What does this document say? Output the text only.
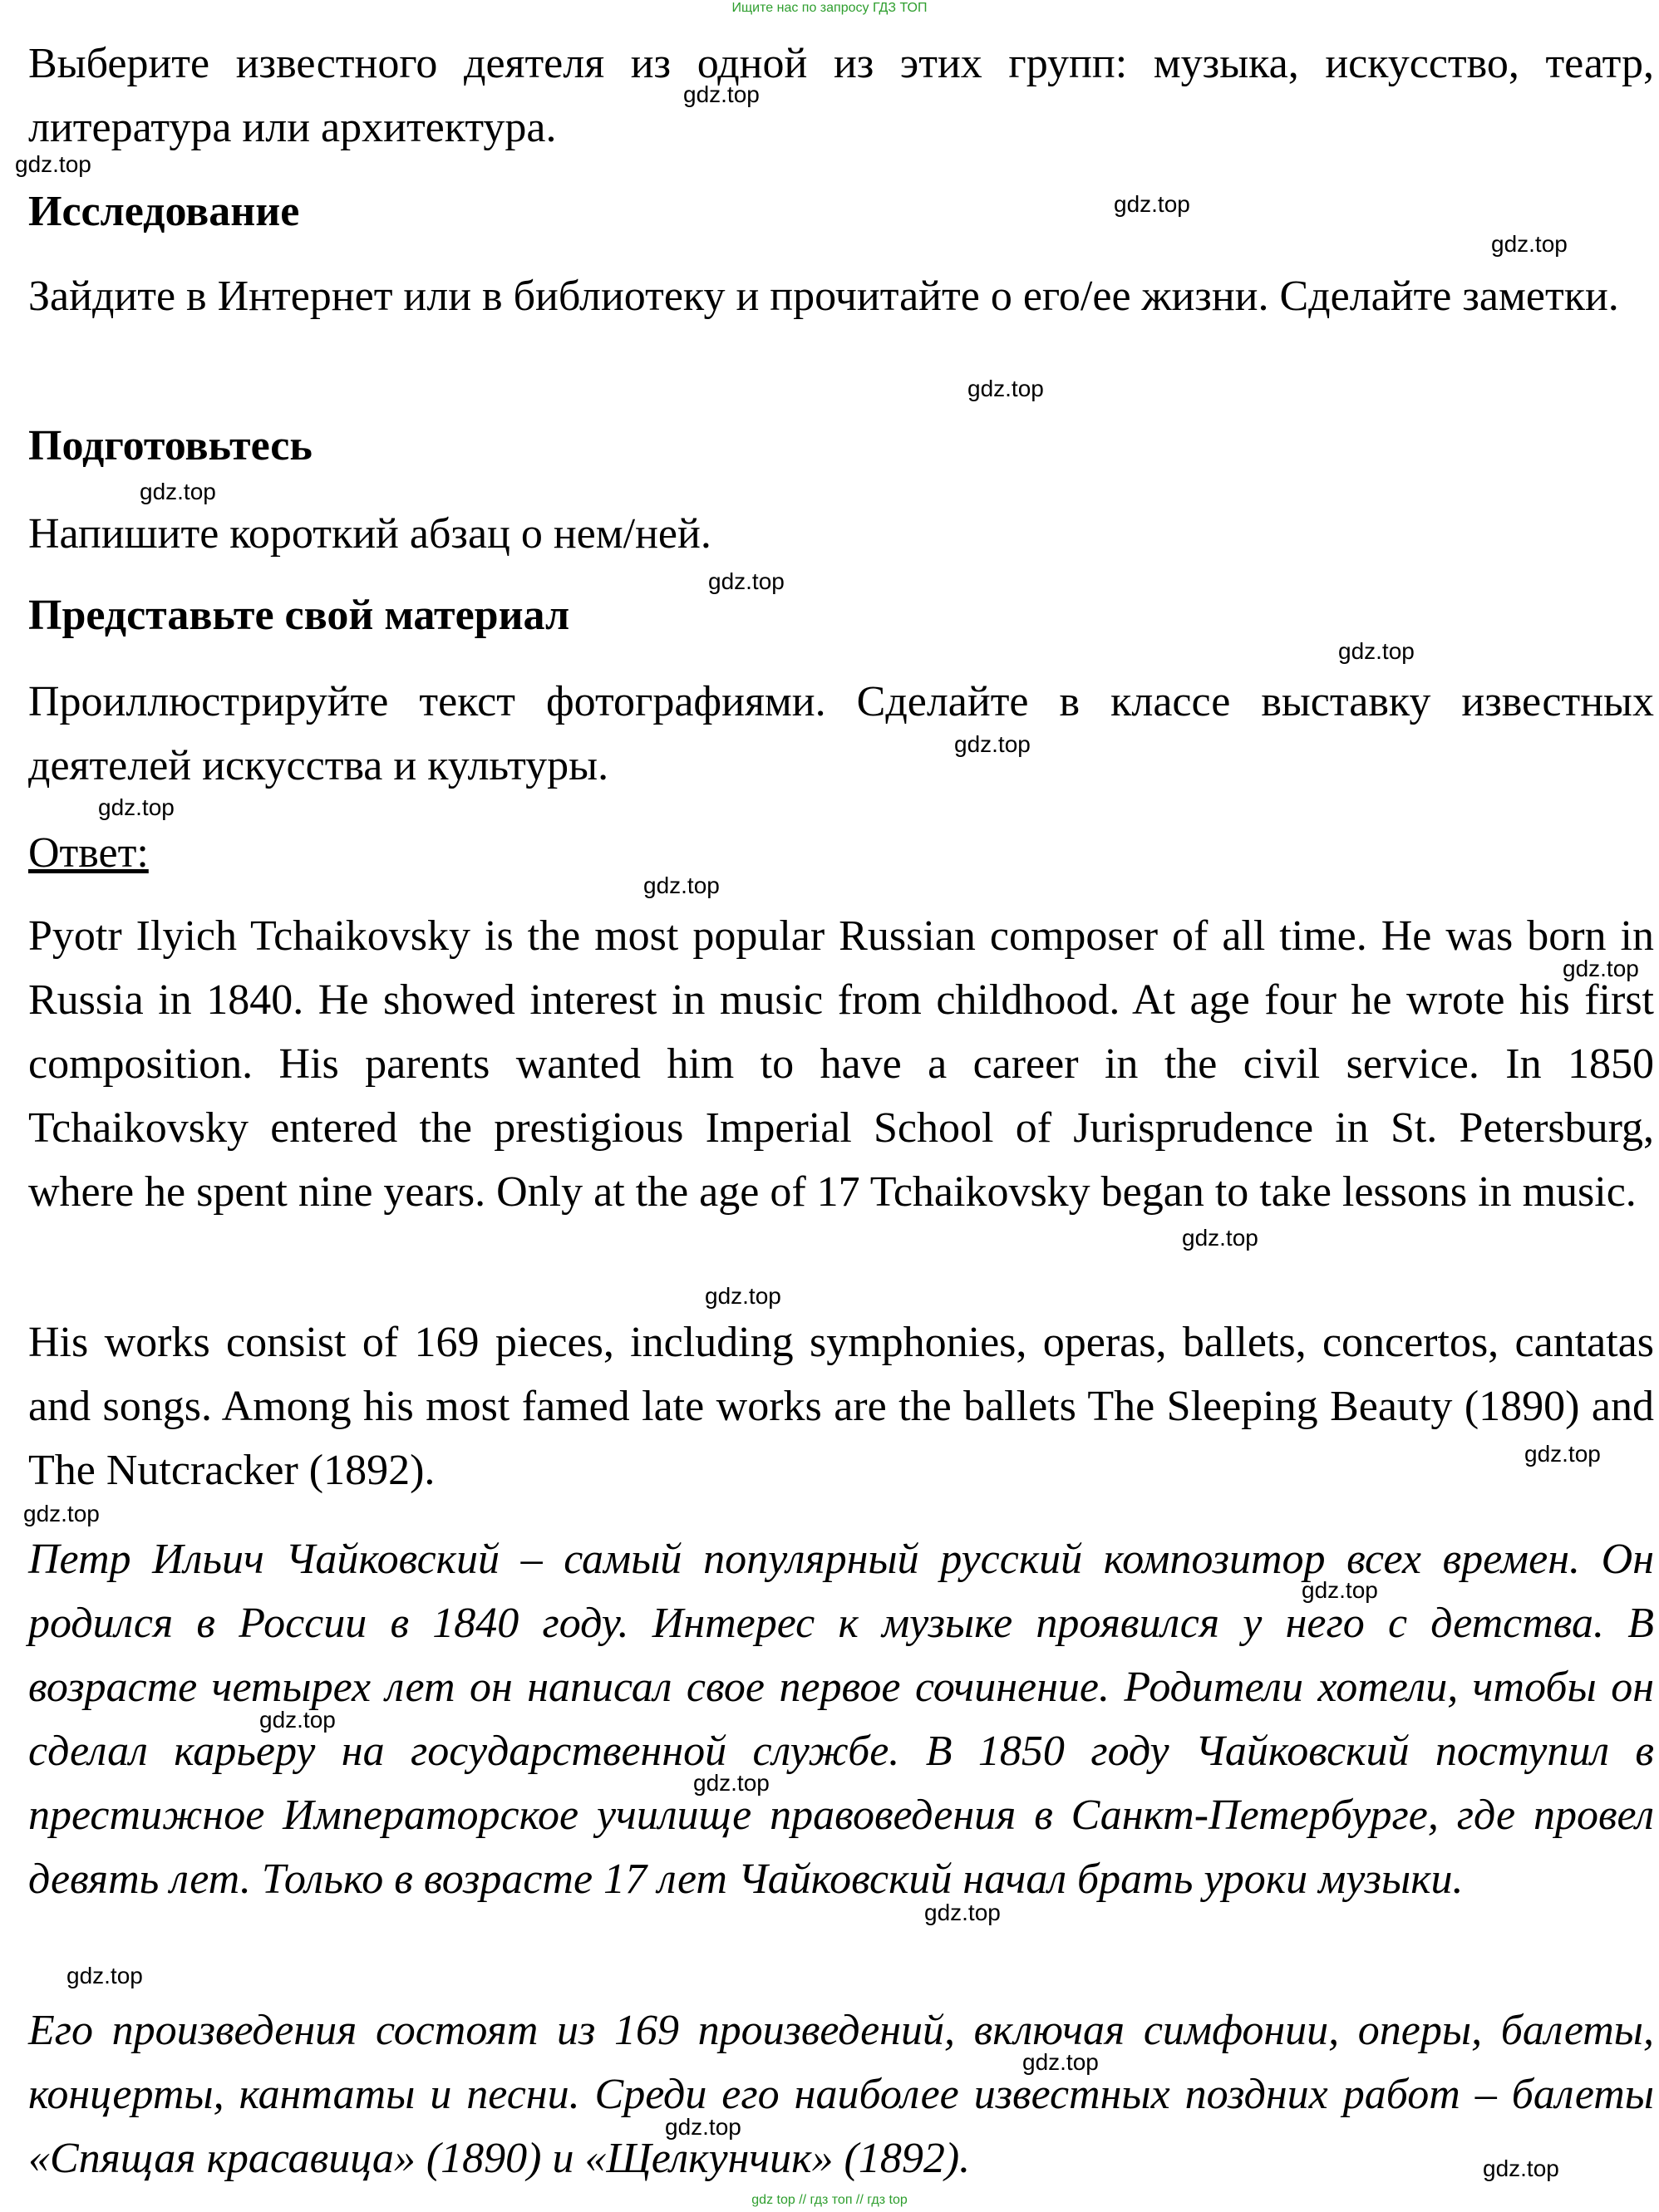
Ищите нас по запросу ГДЗ ТОП
Выберите известного деятеля из одной из этих групп: музыка, искусство, театр, литература или архитектура.
Исследование
Зайдите в Интернет или в библиотеку и прочитайте о его/ее жизни. Сделайте заметки.
Подготовьтесь
Напишите короткий абзац о нем/ней.
Представьте свой материал
Проиллюстрируйте текст фотографиями. Сделайте в классе выставку известных деятелей искусства и культуры.
Ответ:
Pyotr Ilyich Tchaikovsky is the most popular Russian composer of all time. He was born in Russia in 1840. He showed interest in music from childhood. At age four he wrote his first composition. His parents wanted him to have a career in the civil service. In 1850 Tchaikovsky entered the prestigious Imperial School of Jurisprudence in St. Petersburg, where he spent nine years. Only at the age of 17 Tchaikovsky began to take lessons in music.
His works consist of 169 pieces, including symphonies, operas, ballets, concertos, cantatas and songs. Among his most famed late works are the ballets The Sleeping Beauty (1890) and The Nutcracker (1892).
Петр Ильич Чайковский – самый популярный русский композитор всех времен. Он родился в России в 1840 году. Интерес к музыке проявился у него с детства. В возрасте четырех лет он написал свое первое сочинение. Родители хотели, чтобы он сделал карьеру на государственной службе. В 1850 году Чайковский поступил в престижное Императорское училище правоведения в Санкт-Петербурге, где провел девять лет. Только в возрасте 17 лет Чайковский начал брать уроки музыки.
Его произведения состоят из 169 произведений, включая симфонии, оперы, балеты, концерты, кантаты и песни. Среди его наиболее известных поздних работ – балеты «Спящая красавица» (1890) и «Щелкунчик» (1892).
gdz.top
gdz.top
gdz.top
gdz.top
gdz.top
gdz.top
gdz.top
gdz.top
gdz.top
gdz.top
gdz.top
gdz.top
gdz.top
gdz.top
gdz.top
gdz.top
gdz.top
gdz.top
gdz.top
gdz.top
gdz.top
gdz.top
gdz.top
gdz.top
gdz top // гдз топ // гдз top
